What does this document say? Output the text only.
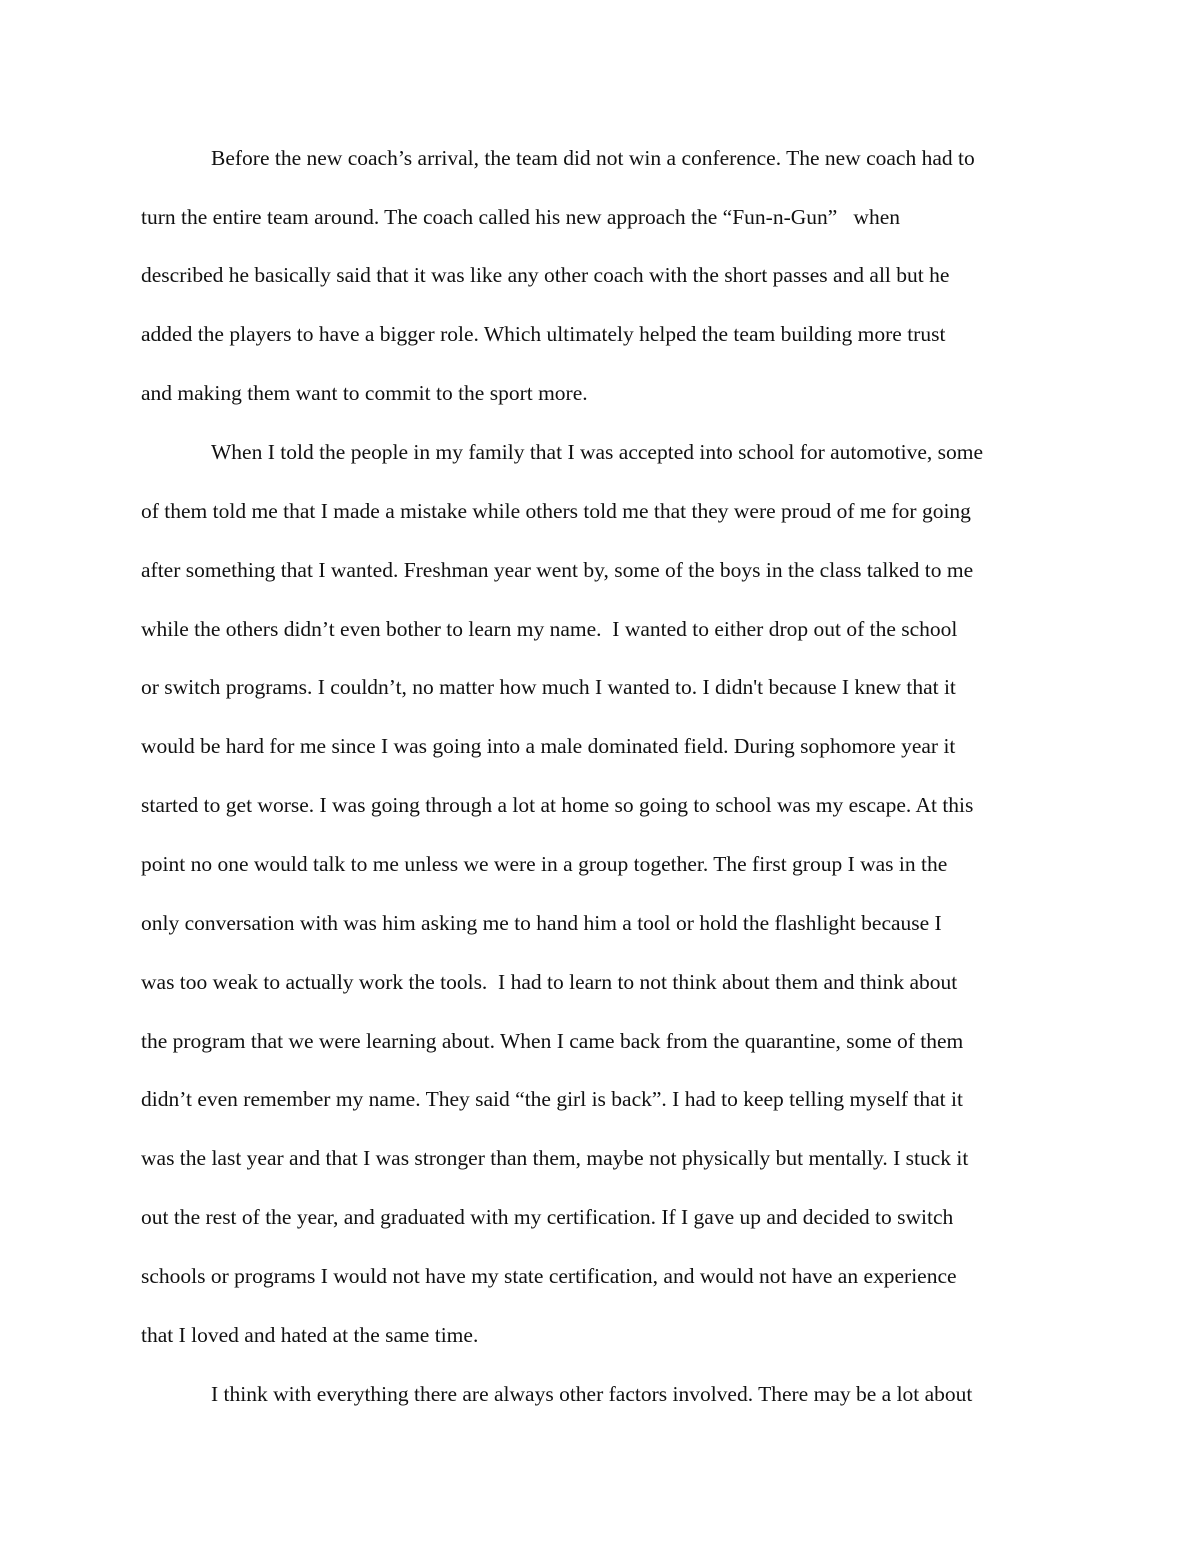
Before the new coach’s arrival, the team did not win a conference. The new coach had to

turn the entire team around. The coach called his new approach the “Fun-n-Gun”   when

described he basically said that it was like any other coach with the short passes and all but he

added the players to have a bigger role. Which ultimately helped the team building more trust

and making them want to commit to the sport more.

When I told the people in my family that I was accepted into school for automotive, some

of them told me that I made a mistake while others told me that they were proud of me for going

after something that I wanted. Freshman year went by, some of the boys in the class talked to me

while the others didn’t even bother to learn my name.  I wanted to either drop out of the school

or switch programs. I couldn’t, no matter how much I wanted to. I didn't because I knew that it

would be hard for me since I was going into a male dominated field. During sophomore year it

started to get worse. I was going through a lot at home so going to school was my escape. At this

point no one would talk to me unless we were in a group together. The first group I was in the

only conversation with was him asking me to hand him a tool or hold the flashlight because I

was too weak to actually work the tools.  I had to learn to not think about them and think about

the program that we were learning about. When I came back from the quarantine, some of them

didn’t even remember my name. They said “the girl is back”. I had to keep telling myself that it

was the last year and that I was stronger than them, maybe not physically but mentally. I stuck it

out the rest of the year, and graduated with my certification. If I gave up and decided to switch

schools or programs I would not have my state certification, and would not have an experience

that I loved and hated at the same time.

I think with everything there are always other factors involved. There may be a lot about
